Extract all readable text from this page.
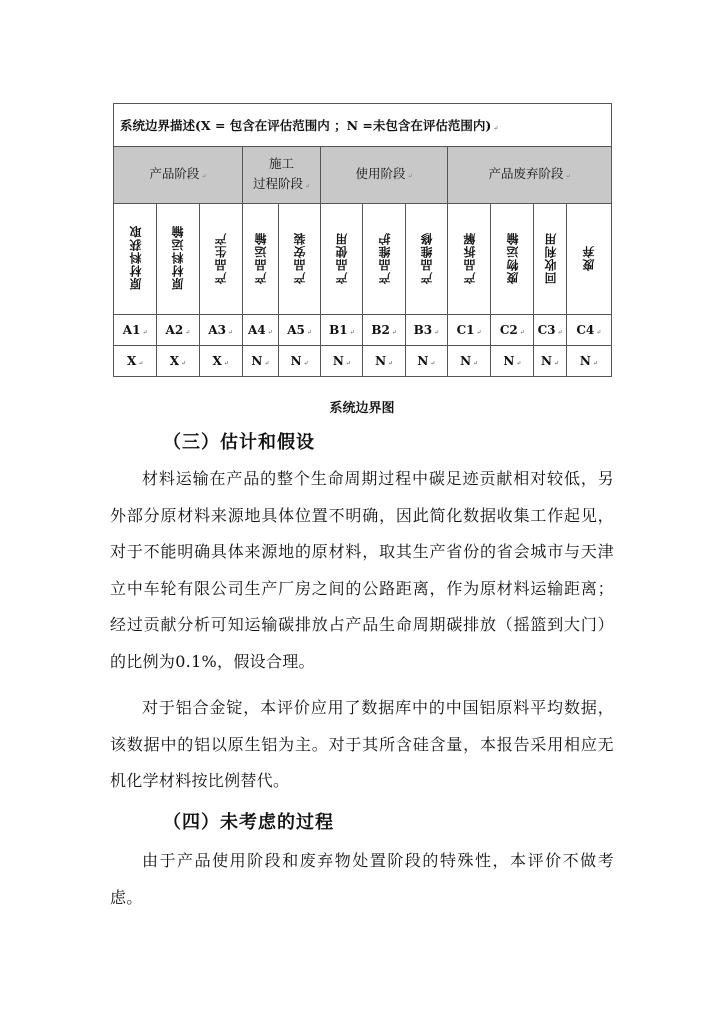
系统边界描述(X = 包含在评估范围内 ；N =未包含在评估范围内) ↵											
产品阶段 ↵			施工
过程阶段 ↵		使用阶段 ↵			产品废弃阶段 ↵			
原材料获取	原材料运输	产品生产	产品运输	产品安装	产品使用	产品维护	产品维修	产品拆解	废物运输	回收利用	废弃
A1 ↵	A2 ↵	A3 ↵	A4 ↵	A5 ↵	B1 ↵	B2 ↵	B3 ↵	C1 ↵	C2 ↵	C3 ↵	C4 ↵
X ↵	X ↵	X ↵	N ↵	N ↵	N ↵	N ↵	N ↵	N ↵	N ↵	N ↵	N ↵
系统边界图
（三）估计和假设

材料运输在产品的整个生命周期过程中碳足迹贡献相对较低，另外部分原材料来源地具体位置不明确，因此简化数据收集工作起见，对于不能明确具体来源地的原材料，取其生产省份的省会城市与天津立中车轮有限公司生产厂房之间的公路距离，作为原材料运输距离；经过贡献分析可知运输碳排放占产品生命周期碳排放（摇篮到大门）的比例为0.1%，假设合理。

对于铝合金锭，本评价应用了数据库中的中国铝原料平均数据，该数据中的铝以原生铝为主。对于其所含硅含量，本报告采用相应无机化学材料按比例替代。

（四）未考虑的过程

由于产品使用阶段和废弃物处置阶段的特殊性，本评价不做考虑。
